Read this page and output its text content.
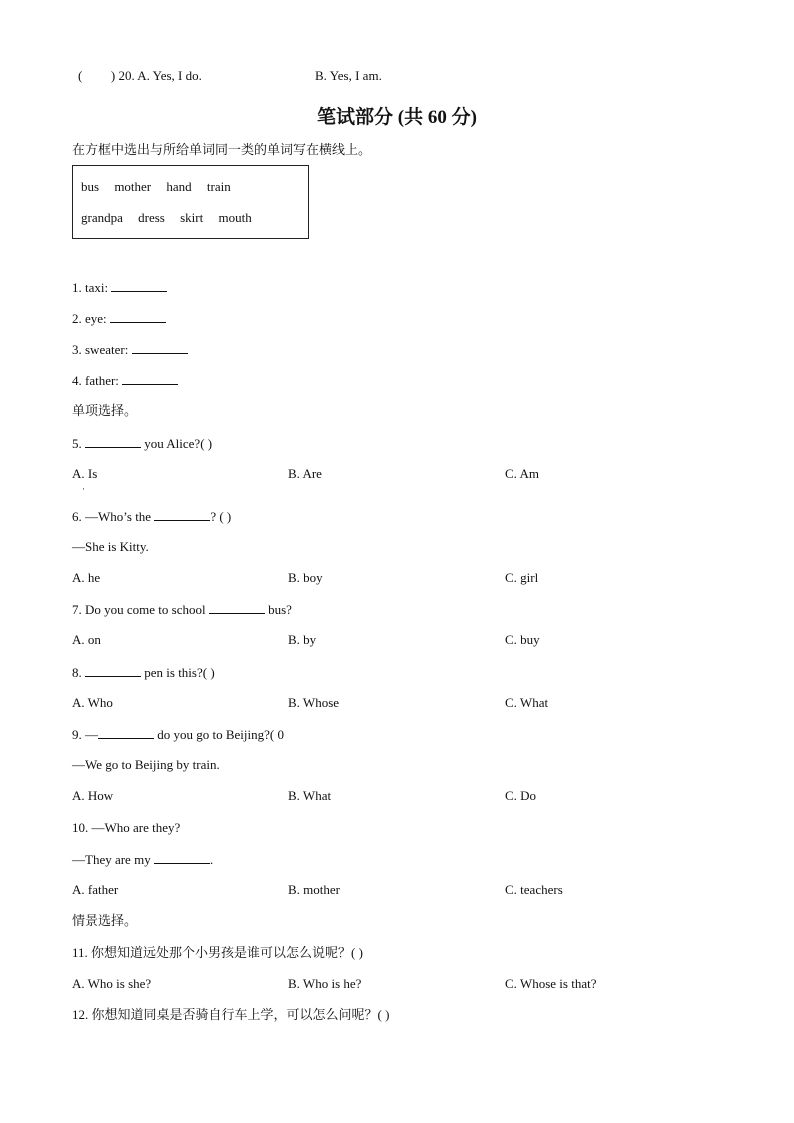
( ) 20. A. Yes, I do.	B. Yes, I am.
笔试部分 (共 60 分)
在方框中选出与所给单词同一类的单词写在横线上。
bus mother hand train
grandpa dress skirt mouth
1. taxi:
2. eye:
3. sweater:
4. father:
单项选择。
5.	you Alice?( )
A. Is
·
B. Are	C. Am
6. —Who’s the	? ( )
—She is Kitty.
A. he	B. boy	C. girl
7. Do you come to school	bus?
A. on	B. by	C. buy
8.	pen is this?( )
A. Who	B. Whose	C. What
9. —	do you go to Beijing?( 0
—We go to Beijing by train.
A. How	B. What	C. Do
10. —Who are they?
—They are my	.
A. father	B. mother	C. teachers
情景选择。
11. 你想知道远处那个小男孩是谁可以怎么说呢？( )
A. Who is she?	B. Who is he?	C. Whose is that?
12. 你想知道同桌是否骑自行车上学，可以怎么问呢？( )
